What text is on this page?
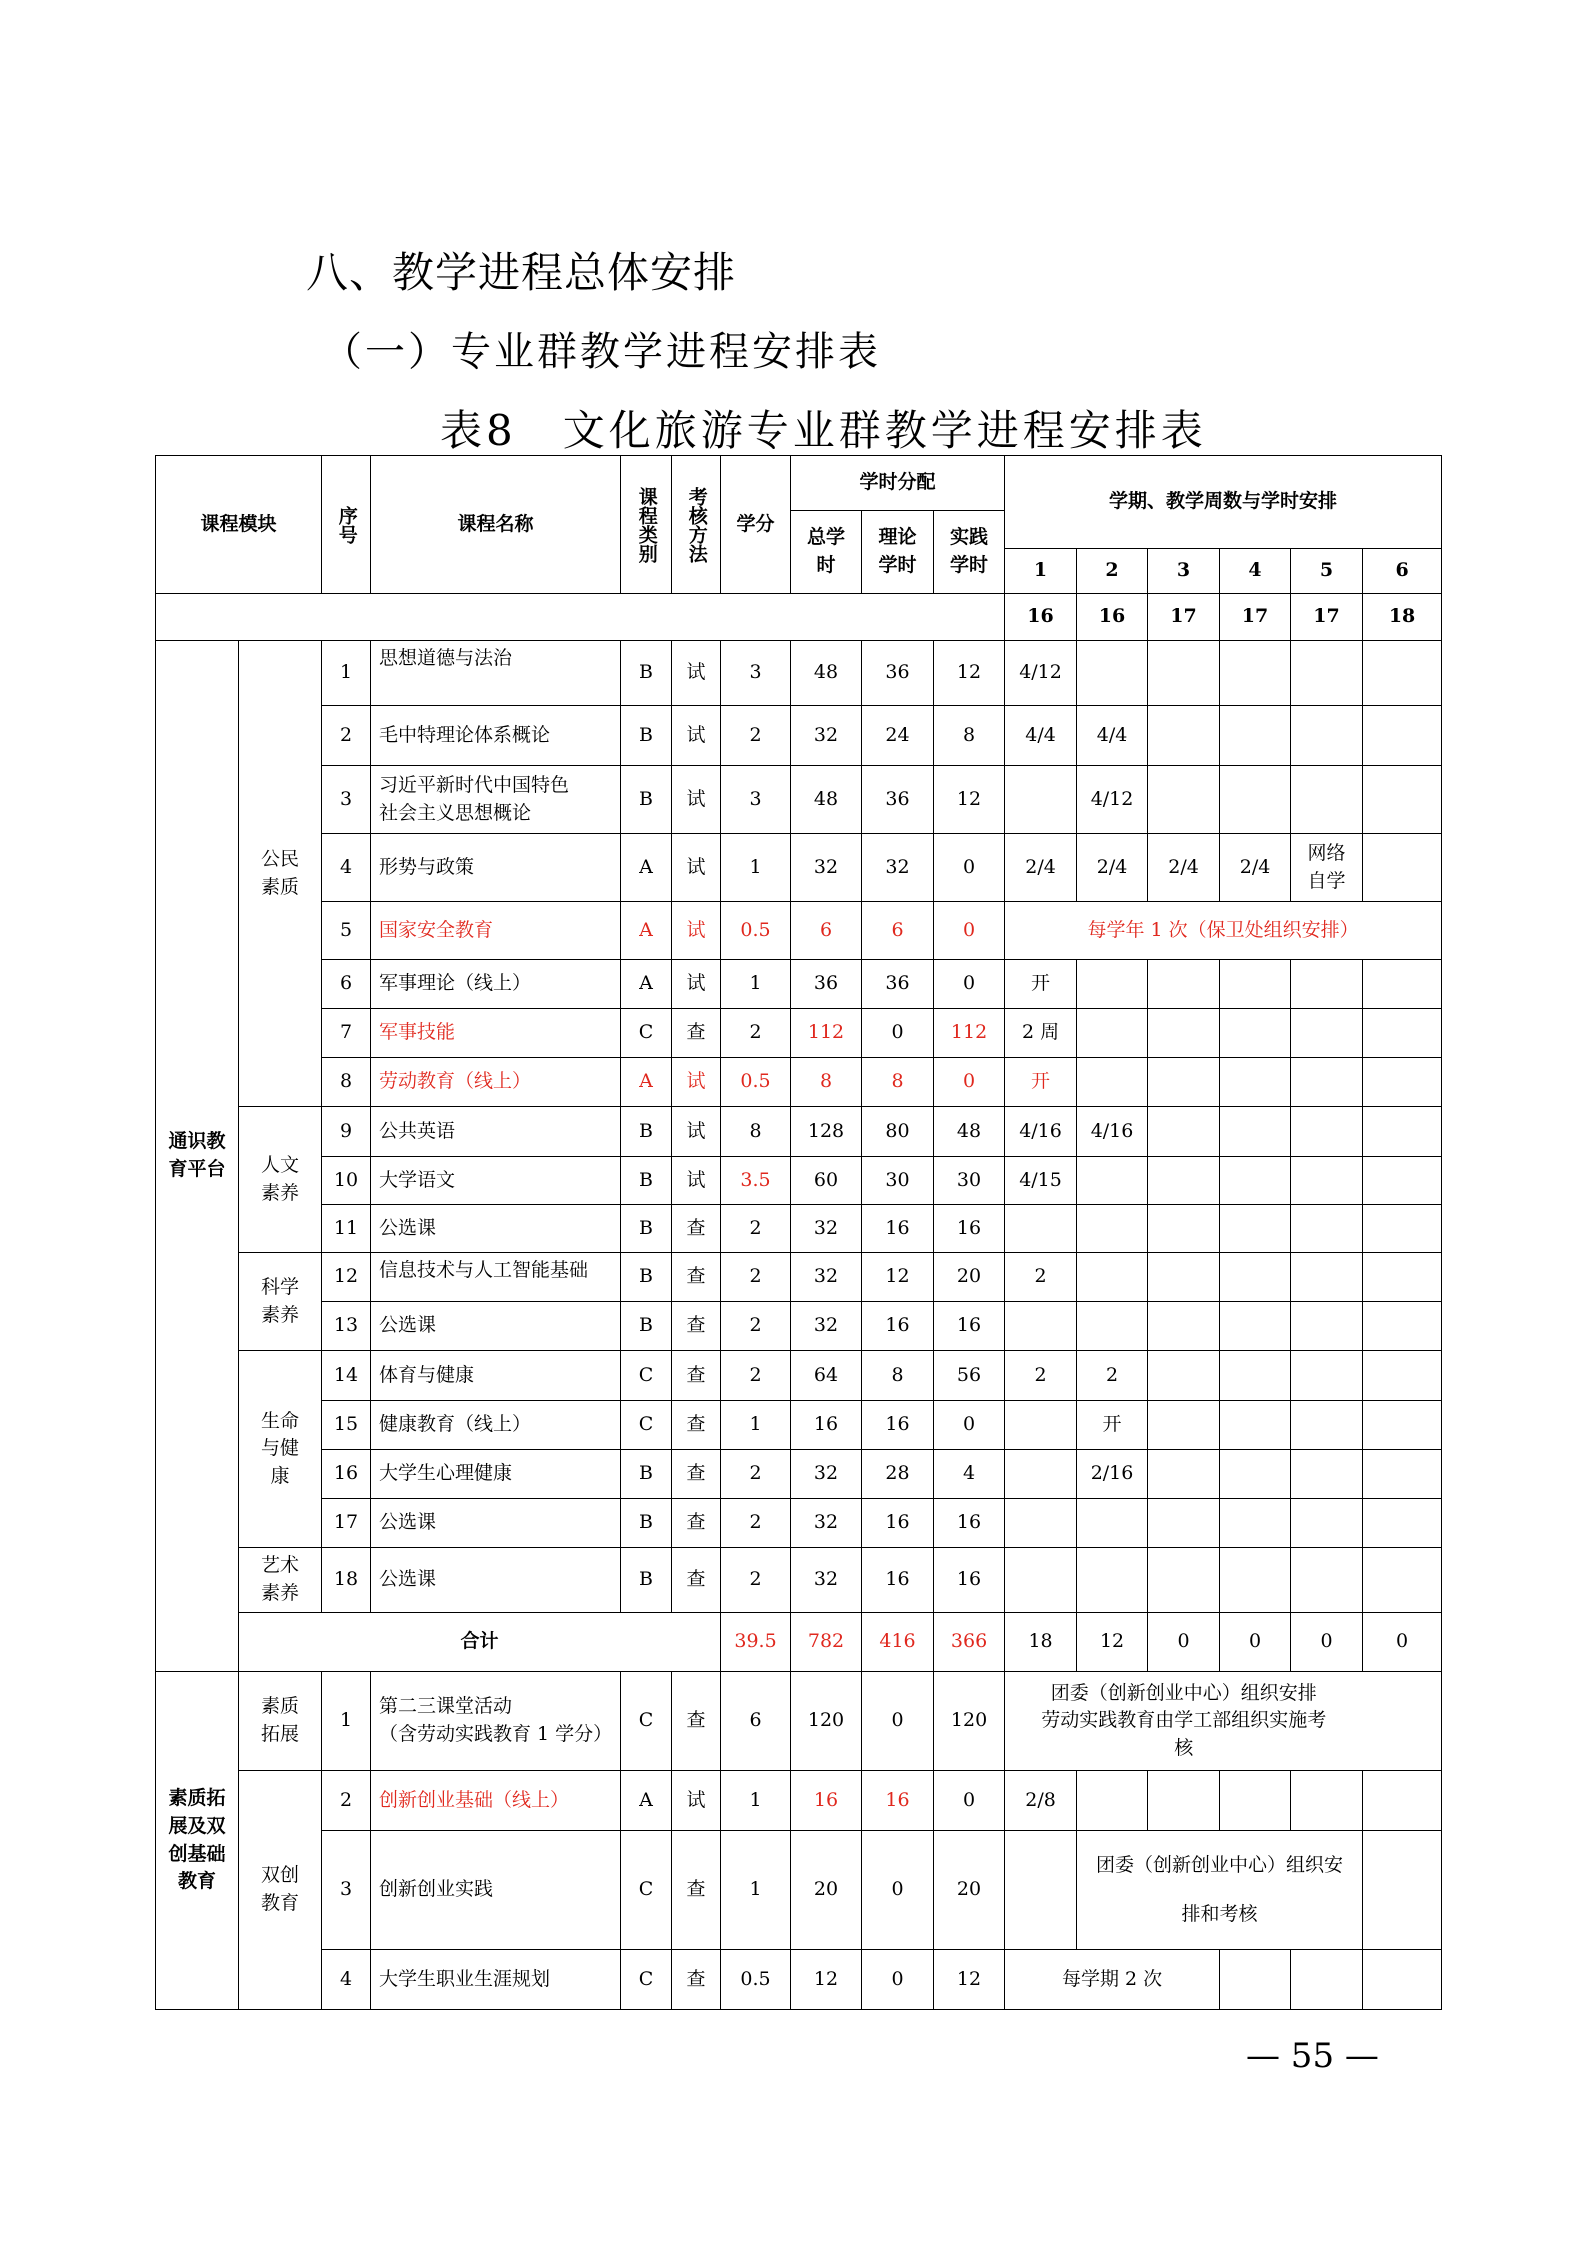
八、教学进程总体安排
（一）专业群教学进程安排表
表8　文化旅游专业群教学进程安排表
课程模块		序号	课程名称	课程类别	考核方法	学分	学时分配			学期、教学周数与学时安排					
							总学时	理论学时	实践学时						
										1	2	3	4	5	6
										16	16	17	17	17	18
通识教育平台	公民素质	1	思想道德与法治	B	试	3	48	36	12	4/12					
		2	毛中特理论体系概论	B	试	2	32	24	8	4/4	4/4				
		3	习近平新时代中国特色
社会主义思想概论	B	试	3	48	36	12		4/12				
		4	形势与政策	A	试	1	32	32	0	2/4	2/4	2/4	2/4	网络
自学	
		5	国家安全教育	A	试	0.5	6	6	0	每学年 1 次（保卫处组织安排）					
		6	军事理论（线上）	A	试	1	36	36	0	开					
		7	军事技能	C	查	2	112	0	112	2 周					
		8	劳动教育（线上）	A	试	0.5	8	8	0	开					
	人文素养	9	公共英语	B	试	8	128	80	48	4/16	4/16				
		10	大学语文	B	试	3.5	60	30	30	4/15					
		11	公选课	B	查	2	32	16	16						
	科学素养	12	信息技术与人工智能基础	B	查	2	32	12	20	2					
		13	公选课	B	查	2	32	16	16						
	生命与健康	14	体育与健康	C	查	2	64	8	56	2	2				
		15	健康教育（线上）	C	查	1	16	16	0		开				
		16	大学生心理健康	B	查	2	32	28	4		2/16				
		17	公选课	B	查	2	32	16	16						
	艺术素养	18	公选课	B	查	2	32	16	16						
	合计					39.5	782	416	366	18	12	0	0	0	0
素质拓展及双创基础教育	素质拓展	1	第二三课堂活动
（含劳动实践教育 1 学分）	C	查	6	120	0	120	团委（创新创业中心）组织安排
劳动实践教育由学工部组织实施考
核					
	双创教育	2	创新创业基础（线上）	A	试	1	16	16	0	2/8					
		3	创新创业实践	C	查	1	20	0	20		团委（创新创业中心）组织安
排和考核				
		4	大学生职业生涯规划	C	查	0.5	12	0	12	每学期 2 次					
— 55 —
